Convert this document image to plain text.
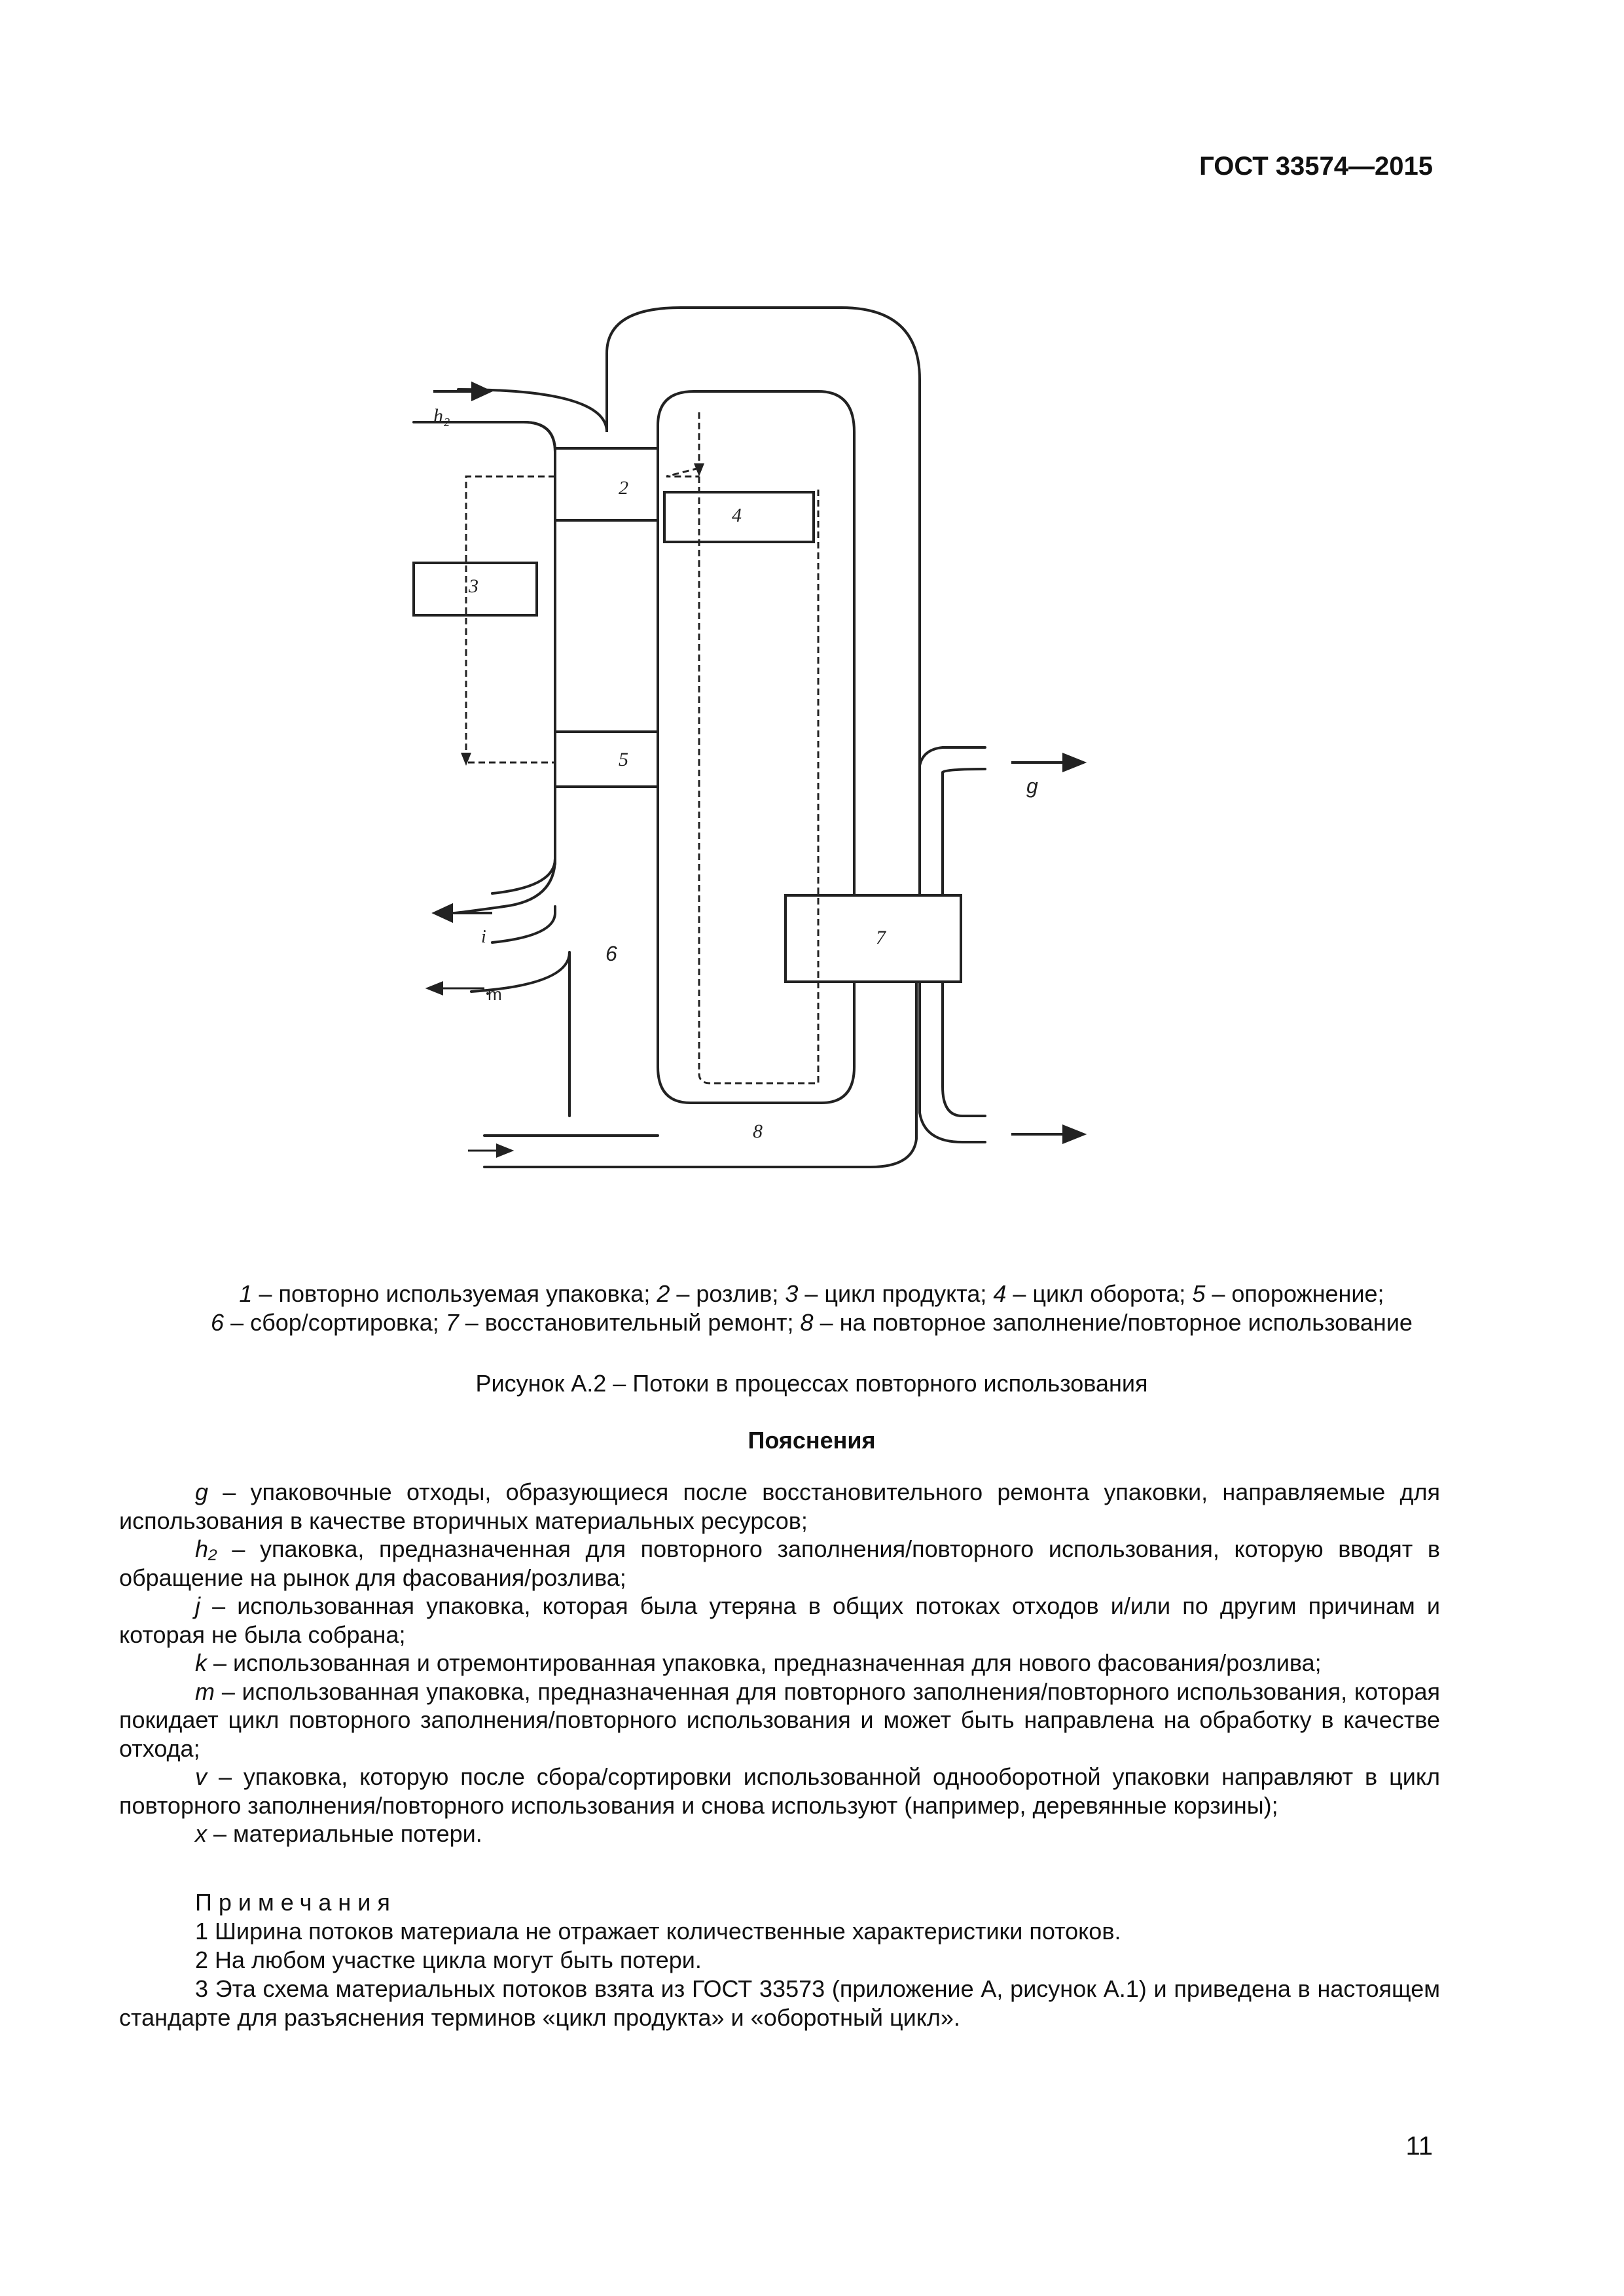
ГОСТ 33574—2015
h₂
2
4
3
5
g
7
i
6
m
8
1 – повторно используемая упаковка; 2 – розлив; 3 – цикл продукта; 4 – цикл оборота; 5 – опорожнение;
6 – сбор/сортировка; 7 – восстановительный ремонт; 8 – на повторное заполнение/повторное использование
Рисунок А.2 – Потоки в процессах повторного использования
Пояснения

g – упаковочные отходы, образующиеся после восстановительного ремонта упаковки, направляемые для использования в качестве вторичных материальных ресурсов;

h₂ – упаковка, предназначенная для повторного заполнения/повторного использования, которую вводят в обращение на рынок для фасования/розлива;

j – использованная упаковка, которая была утеряна в общих потоках отходов и/или по другим причинам и которая не была собрана;

k – использованная и отремонтированная упаковка, предназначенная для нового фасования/розлива;

m – использованная упаковка, предназначенная для повторного заполнения/повторного использования, которая покидает цикл повторного заполнения/повторного использования и может быть направлена на обработку в качестве отхода;

v – упаковка, которую после сбора/сортировки использованной однооборотной упаковки направляют в цикл повторного заполнения/повторного использования и снова используют (например, деревянные корзины);

x – материальные потери.

Примечания

1 Ширина потоков материала не отражает количественные характеристики потоков.

2 На любом участке цикла могут быть потери.

3 Эта схема материальных потоков взята из ГОСТ 33573 (приложение А, рисунок А.1) и приведена в настоящем стандарте для разъяснения терминов «цикл продукта» и «оборотный цикл».

11
